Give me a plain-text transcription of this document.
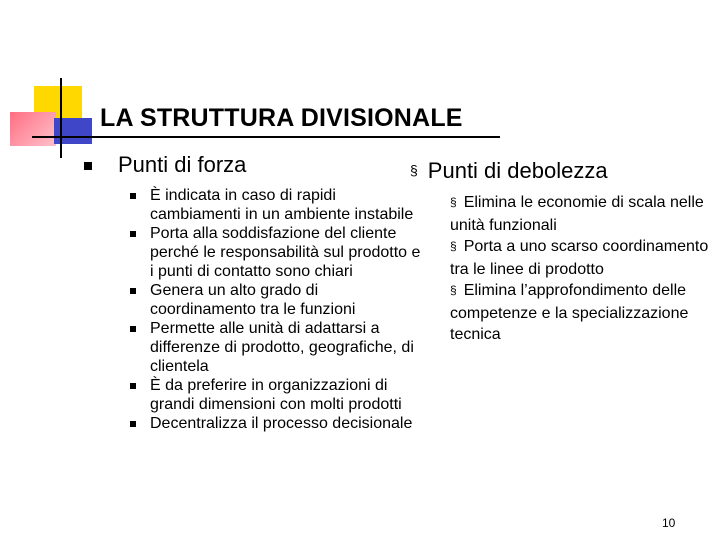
LA STRUTTURA DIVISIONALE
Punti di forza
È indicata in caso di rapidi cambiamenti in un ambiente instabile
Porta alla soddisfazione del cliente perché le responsabilità sul prodotto e i punti di contatto sono chiari
Genera un alto grado di coordinamento tra le funzioni
Permette alle unità di adattarsi a differenze di prodotto, geografiche, di clientela
È da preferire in organizzazioni di grandi dimensioni con molti prodotti
Decentralizza il processo decisionale
§ Punti di debolezza
§ Elimina le economie di scala nelle unità funzionali
§ Porta a uno scarso coordinamento tra le linee di prodotto
§ Elimina l’approfondimento delle competenze e la specializzazione tecnica
10
